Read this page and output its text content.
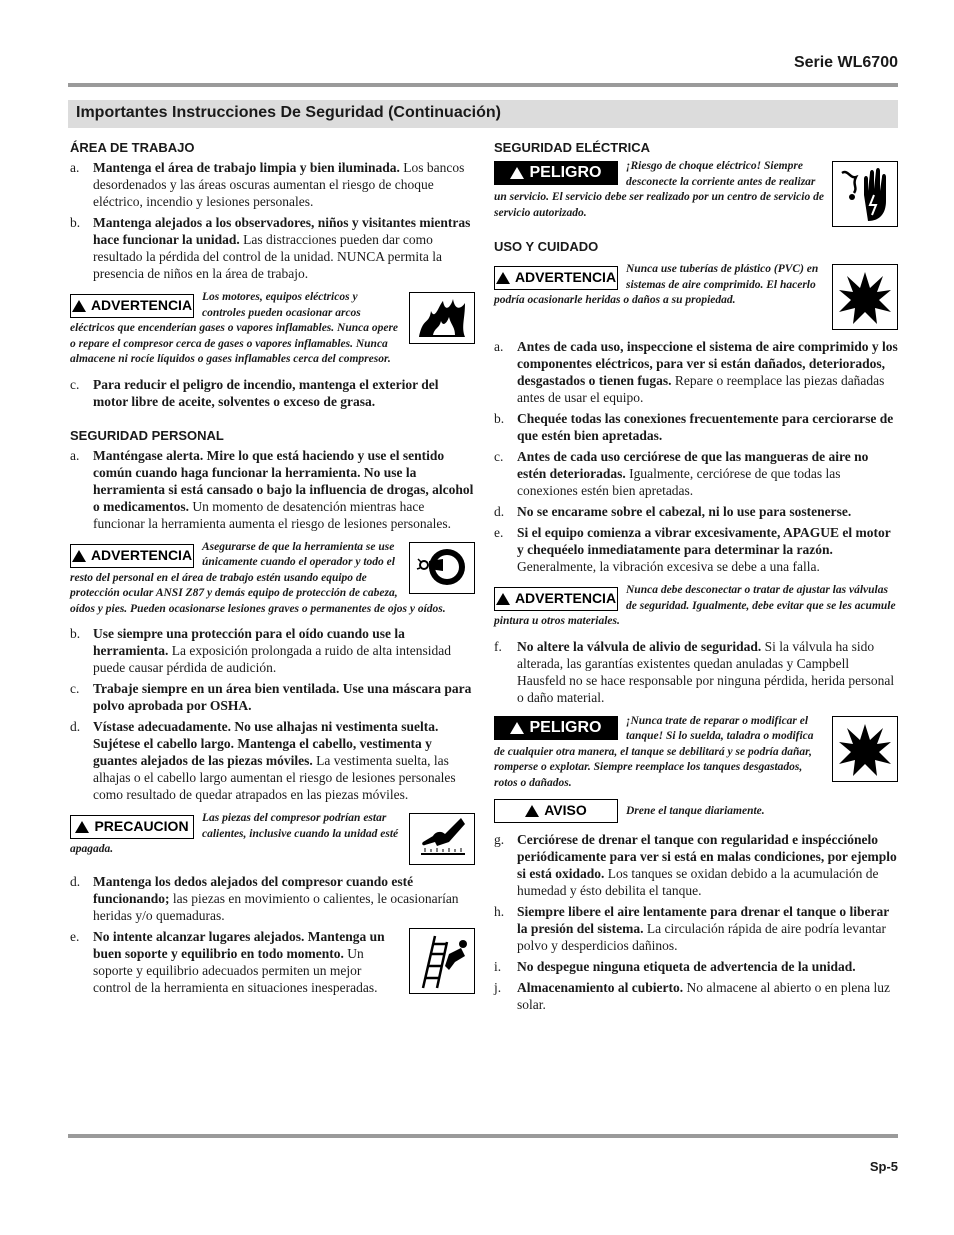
Serie WL6700
Importantes Instrucciones De Seguridad (Continuación)
ÁREA DE TRABAJO
a.	Mantenga el área de trabajo limpia y bien iluminada. Los bancos desordenados y las áreas oscuras aumentan el riesgo de choque eléctrico, incendio y lesiones personales.
b. Mantenga alejados a los observadores, niños y visitantes mientras hace funcionar la unidad. Las distracciones pueden dar como resultado la pérdida del control de la unidad. NUNCA permita la presencia de niños en la área de trabajo.
ADVERTENCIA
Los motores, equipos eléctricos y controles pueden ocasionar arcos eléctricos que encenderían gases o vapores inflamables. Nunca opere o repare el compresor cerca de gases o vapores inflamables. Nunca almacene ni rocíe líquidos o gases inflamables cerca del compresor.
c.	Para reducir el peligro de incendio, mantenga el exterior del motor libre de aceite, solventes o exceso de grasa.
SEGURIDAD PERSONAL
a.	Manténgase alerta. Mire lo que está haciendo y use el sentido común cuando haga funcionar la herramienta. No use la herramienta si está cansado o bajo la influencia de drogas, alcohol o medicamentos. Un momento de desatención mientras hace funcionar la herramienta aumenta el riesgo de lesiones personales.
ADVERTENCIA
Asegurarse de que la herramienta se use únicamente cuando el operador y todo el resto del personal en el área de trabajo estén usando equipo de protección ocular ANSI Z87 y demás equipo de protección de cabeza, oídos y pies. Pueden ocasionarse lesiones graves o permanentes de ojos y oídos.
b. Use siempre una protección para el oído cuando use la herramienta. La exposición prolongada a ruido de alta intensidad puede causar pérdida de audición.
c.	Trabaje siempre en un área bien ventilada. Use una máscara para polvo aprobada por OSHA.
d. Vístase adecuadamente. No use alhajas ni vestimenta suelta. Sujétese el cabello largo. Mantenga el cabello, vestimenta y guantes alejados de las piezas móviles. La vestimenta suelta, las alhajas o el cabello largo aumentan el riesgo de lesiones personales como resultado de quedar atrapados en las piezas móviles.
PRECAUCION
Las piezas del compresor podrían estar calientes, inclusive cuando la unidad esté apagada.
d. Mantenga los dedos alejados del compresor cuando esté funcionando; las piezas en movimiento o calientes, le ocasionarían heridas y/o quemaduras.
e.	No intente alcanzar lugares alejados. Mantenga un buen soporte y equilibrio en todo momento. Un soporte y equilibrio adecuados permiten un mejor control de la herramienta en situaciones inesperadas.
SEGURIDAD ELÉCTRICA
PELIGRO ¡Riesgo de choque eléctrico! Siempre desconecte la corriente antes de realizar un servicio. El servicio debe ser realizado por un centro de servicio de servicio autorizado.
USO Y CUIDADO
ADVERTENCIA
Nunca use tuberías de plástico (PVC) en sistemas de aire comprimido. El hacerlo podría ocasionarle heridas o daños a su propiedad.
a.	Antes de cada uso, inspeccione el sistema de aire comprimido y los componentes eléctricos, para ver si están dañados, deteriorados, desgastados o tienen fugas. Repare o reemplace las piezas dañadas antes de usar el equipo.
b. Chequée todas las conexiones frecuentemente para cerciorarse de que estén bien apretadas.
c.	Antes de cada uso cerciórese de que las mangueras de aire no estén deterioradas. Igualmente, cerciórese de que todas las conexiones estén bien apretadas.
d. No se encarame sobre el cabezal, ni lo use para sostenerse.
e.	Si el equipo comienza a vibrar excesivamente, APAGUE el motor y chequéelo inmediatamente para determinar la razón. Generalmente, la vibración excesiva se debe a una falla.
ADVERTENCIA
Nunca debe desconectar o tratar de ajustar las válvulas de seguridad. Igualmente, debe evitar que se les acumule pintura u otros materiales.
f.	No altere la válvula de alivio de seguridad. Si la válvula ha sido alterada, las garantías existentes quedan anuladas y Campbell Hausfeld no se hace responsable por ninguna pérdida, herida personal o daño material.
PELIGRO ¡Nunca trate de reparar o modificar el tanque! Si lo suelda, taladra o modifica de cualquier otra manera, el tanque se debilitará y se podría dañar, romperse o explotar. Siempre reemplace los tanques desgastados, rotos o dañados.
AVISO	Drene el tanque diariamente.
g. Cerciórese de drenar el tanque con regularidad e inspécciónelo periódicamente para ver si está en malas condiciones, por ejemplo si está oxidado. Los tanques se oxidan debido a la acumulación de humedad y ésto debilita el tanque.
h. Siempre libere el aire lentamente para drenar el tanque o liberar la presión del sistema. La circulación rápida de aire podría levantar polvo y desperdicios dañinos.
i.	No despegue ninguna etiqueta de advertencia de la unidad.
j.	Almacenamiento al cubierto. No almacene al abierto o en plena luz solar.
Sp-5
